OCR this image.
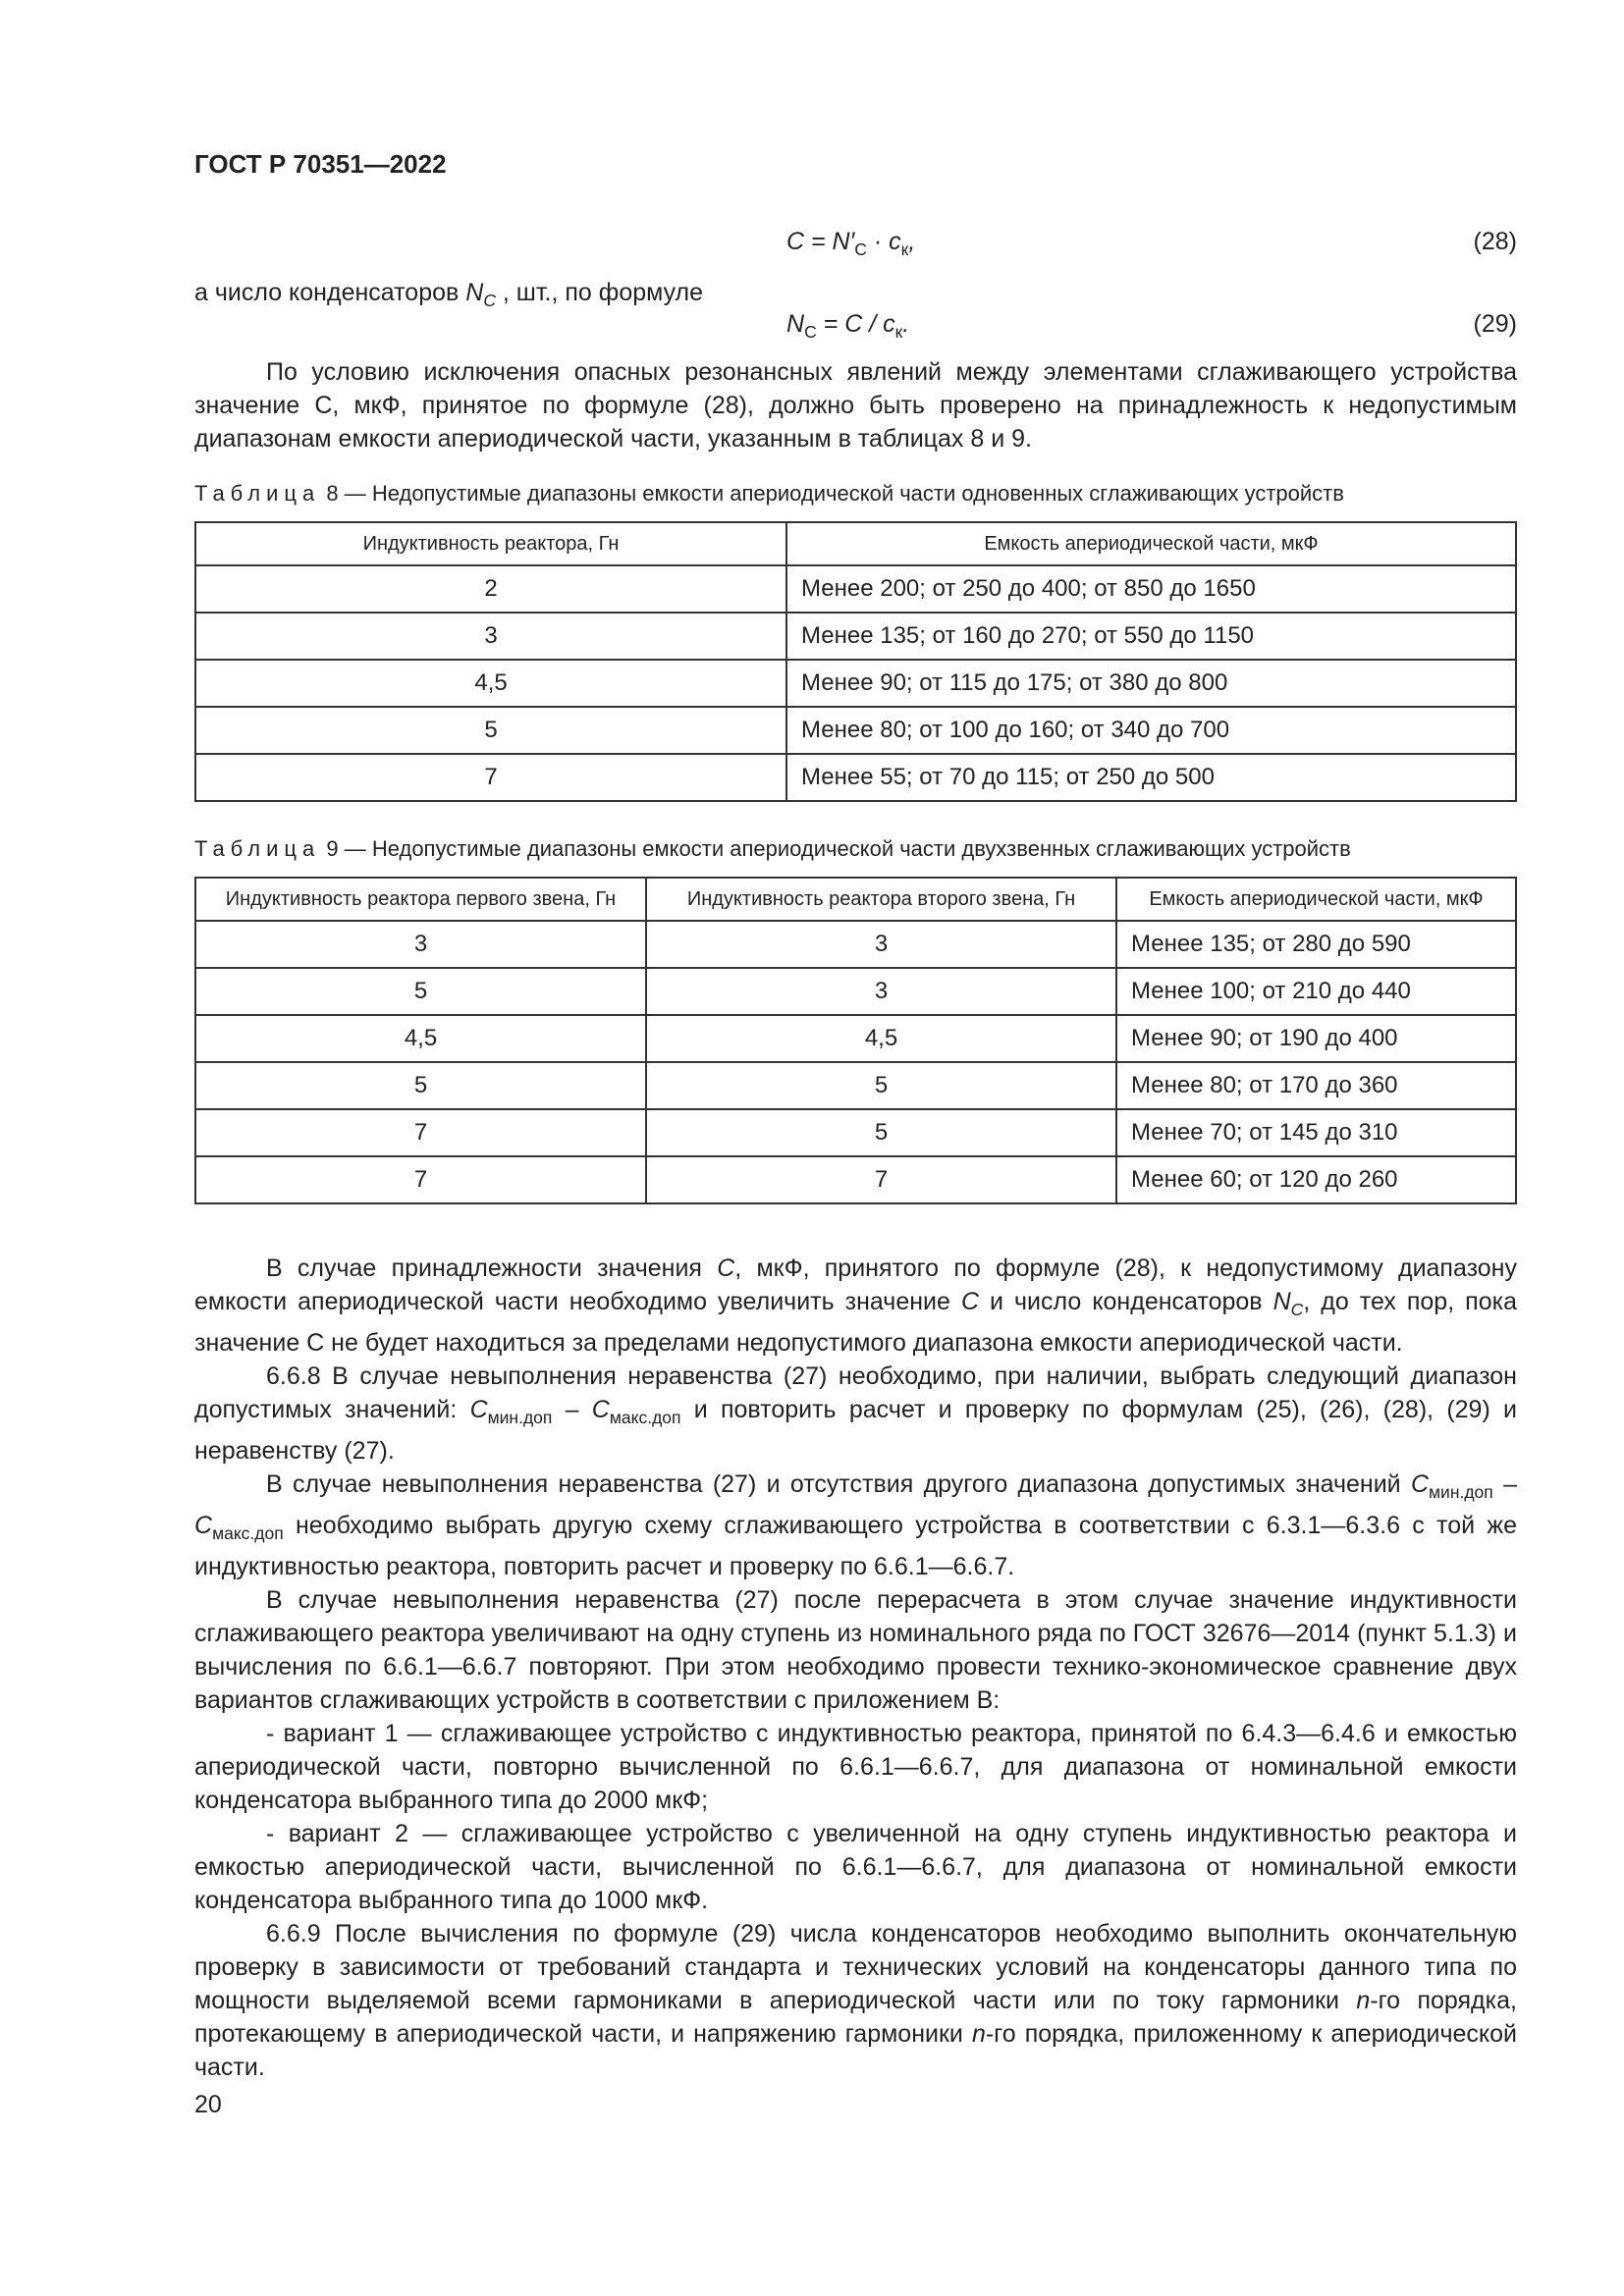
ГОСТ Р 70351—2022
$C = N'_C \cdot c_к$,	(28)
а число конденсаторов $N_C$ , шт., по формуле
$N_C = C / c_к$.	(29)

По условию исключения опасных резонансных явлений между элементами сглаживающего устройства значение С, мкФ, принятое по формуле (28), должно быть проверено на принадлежность к недопустимым диапазонам емкости апериодической части, указанным в таблицах 8 и 9.

Таблица 8 — Недопустимые диапазоны емкости апериодической части одновенных сглаживающих устройств
Индуктивность реактора, Гн	Емкость апериодической части, мкФ
2	Менее 200; от 250 до 400; от 850 до 1650
3	Менее 135; от 160 до 270; от 550 до 1150
4,5	Менее 90; от 115 до 175; от 380 до 800
5	Менее 80; от 100 до 160; от 340 до 700
7	Менее 55; от 70 до 115; от 250 до 500
Таблица 9 — Недопустимые диапазоны емкости апериодической части двухзвенных сглаживающих устройств
Индуктивность реактора первого звена, Гн	Индуктивность реактора второго звена, Гн	Емкость апериодической части, мкФ
3	3	Менее 135; от 280 до 590
5	3	Менее 100; от 210 до 440
4,5	4,5	Менее 90; от 190 до 400
5	5	Менее 80; от 170 до 360
7	5	Менее 70; от 145 до 310
7	7	Менее 60; от 120 до 260

В случае принадлежности значения C, мкФ, принятого по формуле (28), к недопустимому диапазону емкости апериодической части необходимо увеличить значение C и число конденсаторов $N_C$, до тех пор, пока значение С не будет находиться за пределами недопустимого диапазона емкости апериодической части.

6.6.8 В случае невыполнения неравенства (27) необходимо, при наличии, выбрать следующий диапазон допустимых значений: $C_{мин.доп} - C_{макс.доп}$ и повторить расчет и проверку по формулам (25), (26), (28), (29) и неравенству (27).

В случае невыполнения неравенства (27) и отсутствия другого диапазона допустимых значений $C_{мин.доп} - C_{макс.доп}$ необходимо выбрать другую схему сглаживающего устройства в соответствии с 6.3.1—6.3.6 с той же индуктивностью реактора, повторить расчет и проверку по 6.6.1—6.6.7.

В случае невыполнения неравенства (27) после перерасчета в этом случае значение индуктивности сглаживающего реактора увеличивают на одну ступень из номинального ряда по ГОСТ 32676—2014 (пункт 5.1.3) и вычисления по 6.6.1—6.6.7 повторяют. При этом необходимо провести технико-экономическое сравнение двух вариантов сглаживающих устройств в соответствии с приложением В:

- вариант 1 — сглаживающее устройство с индуктивностью реактора, принятой по 6.4.3—6.4.6 и емкостью апериодической части, повторно вычисленной по 6.6.1—6.6.7, для диапазона от номинальной емкости конденсатора выбранного типа до 2000 мкФ;

- вариант 2 — сглаживающее устройство с увеличенной на одну ступень индуктивностью реактора и емкостью апериодической части, вычисленной по 6.6.1—6.6.7, для диапазона от номинальной емкости конденсатора выбранного типа до 1000 мкФ.

6.6.9 После вычисления по формуле (29) числа конденсаторов необходимо выполнить окончательную проверку в зависимости от требований стандарта и технических условий на конденсаторы данного типа по мощности выделяемой всеми гармониками в апериодической части или по току гармоники n-го порядка, протекающему в апериодической части, и напряжению гармоники n-го порядка, приложенному к апериодической части.

20
